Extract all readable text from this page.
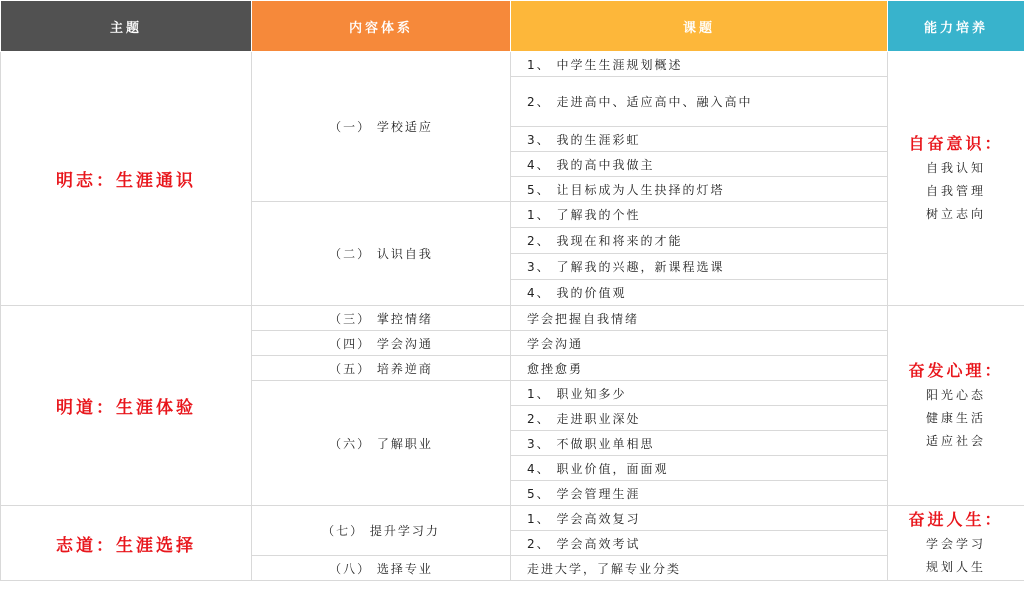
主题	内容体系	课题	能力培养
明志：生涯通识	（一） 学校适应	1、 中学生生涯规划概述	自奋意识：
自我认知
自我管理
树立志向

		2、 走进高中、适应高中、融入高中	
		3、 我的生涯彩虹	
		4、 我的高中我做主	
		5、 让目标成为人生抉择的灯塔	
	（二） 认识自我	1、 了解我的个性	
		2、 我现在和将来的才能	
		3、 了解我的兴趣，新课程选课	
		4、 我的价值观	
明道：生涯体验	（三） 掌控情绪	学会把握自我情绪	奋发心理：
阳光心态
健康生活
适应社会

	（四） 学会沟通	学会沟通	
	（五） 培养逆商	愈挫愈勇	
	（六） 了解职业	1、 职业知多少	
		2、 走进职业深处	
		3、 不做职业单相思	
		4、 职业价值，面面观	
		5、 学会管理生涯	
志道：生涯选择	（七） 提升学习力	1、 学会高效复习	奋进人生：
学会学习
规划人生

		2、 学会高效考试	
	（八） 选择专业	走进大学，了解专业分类	
